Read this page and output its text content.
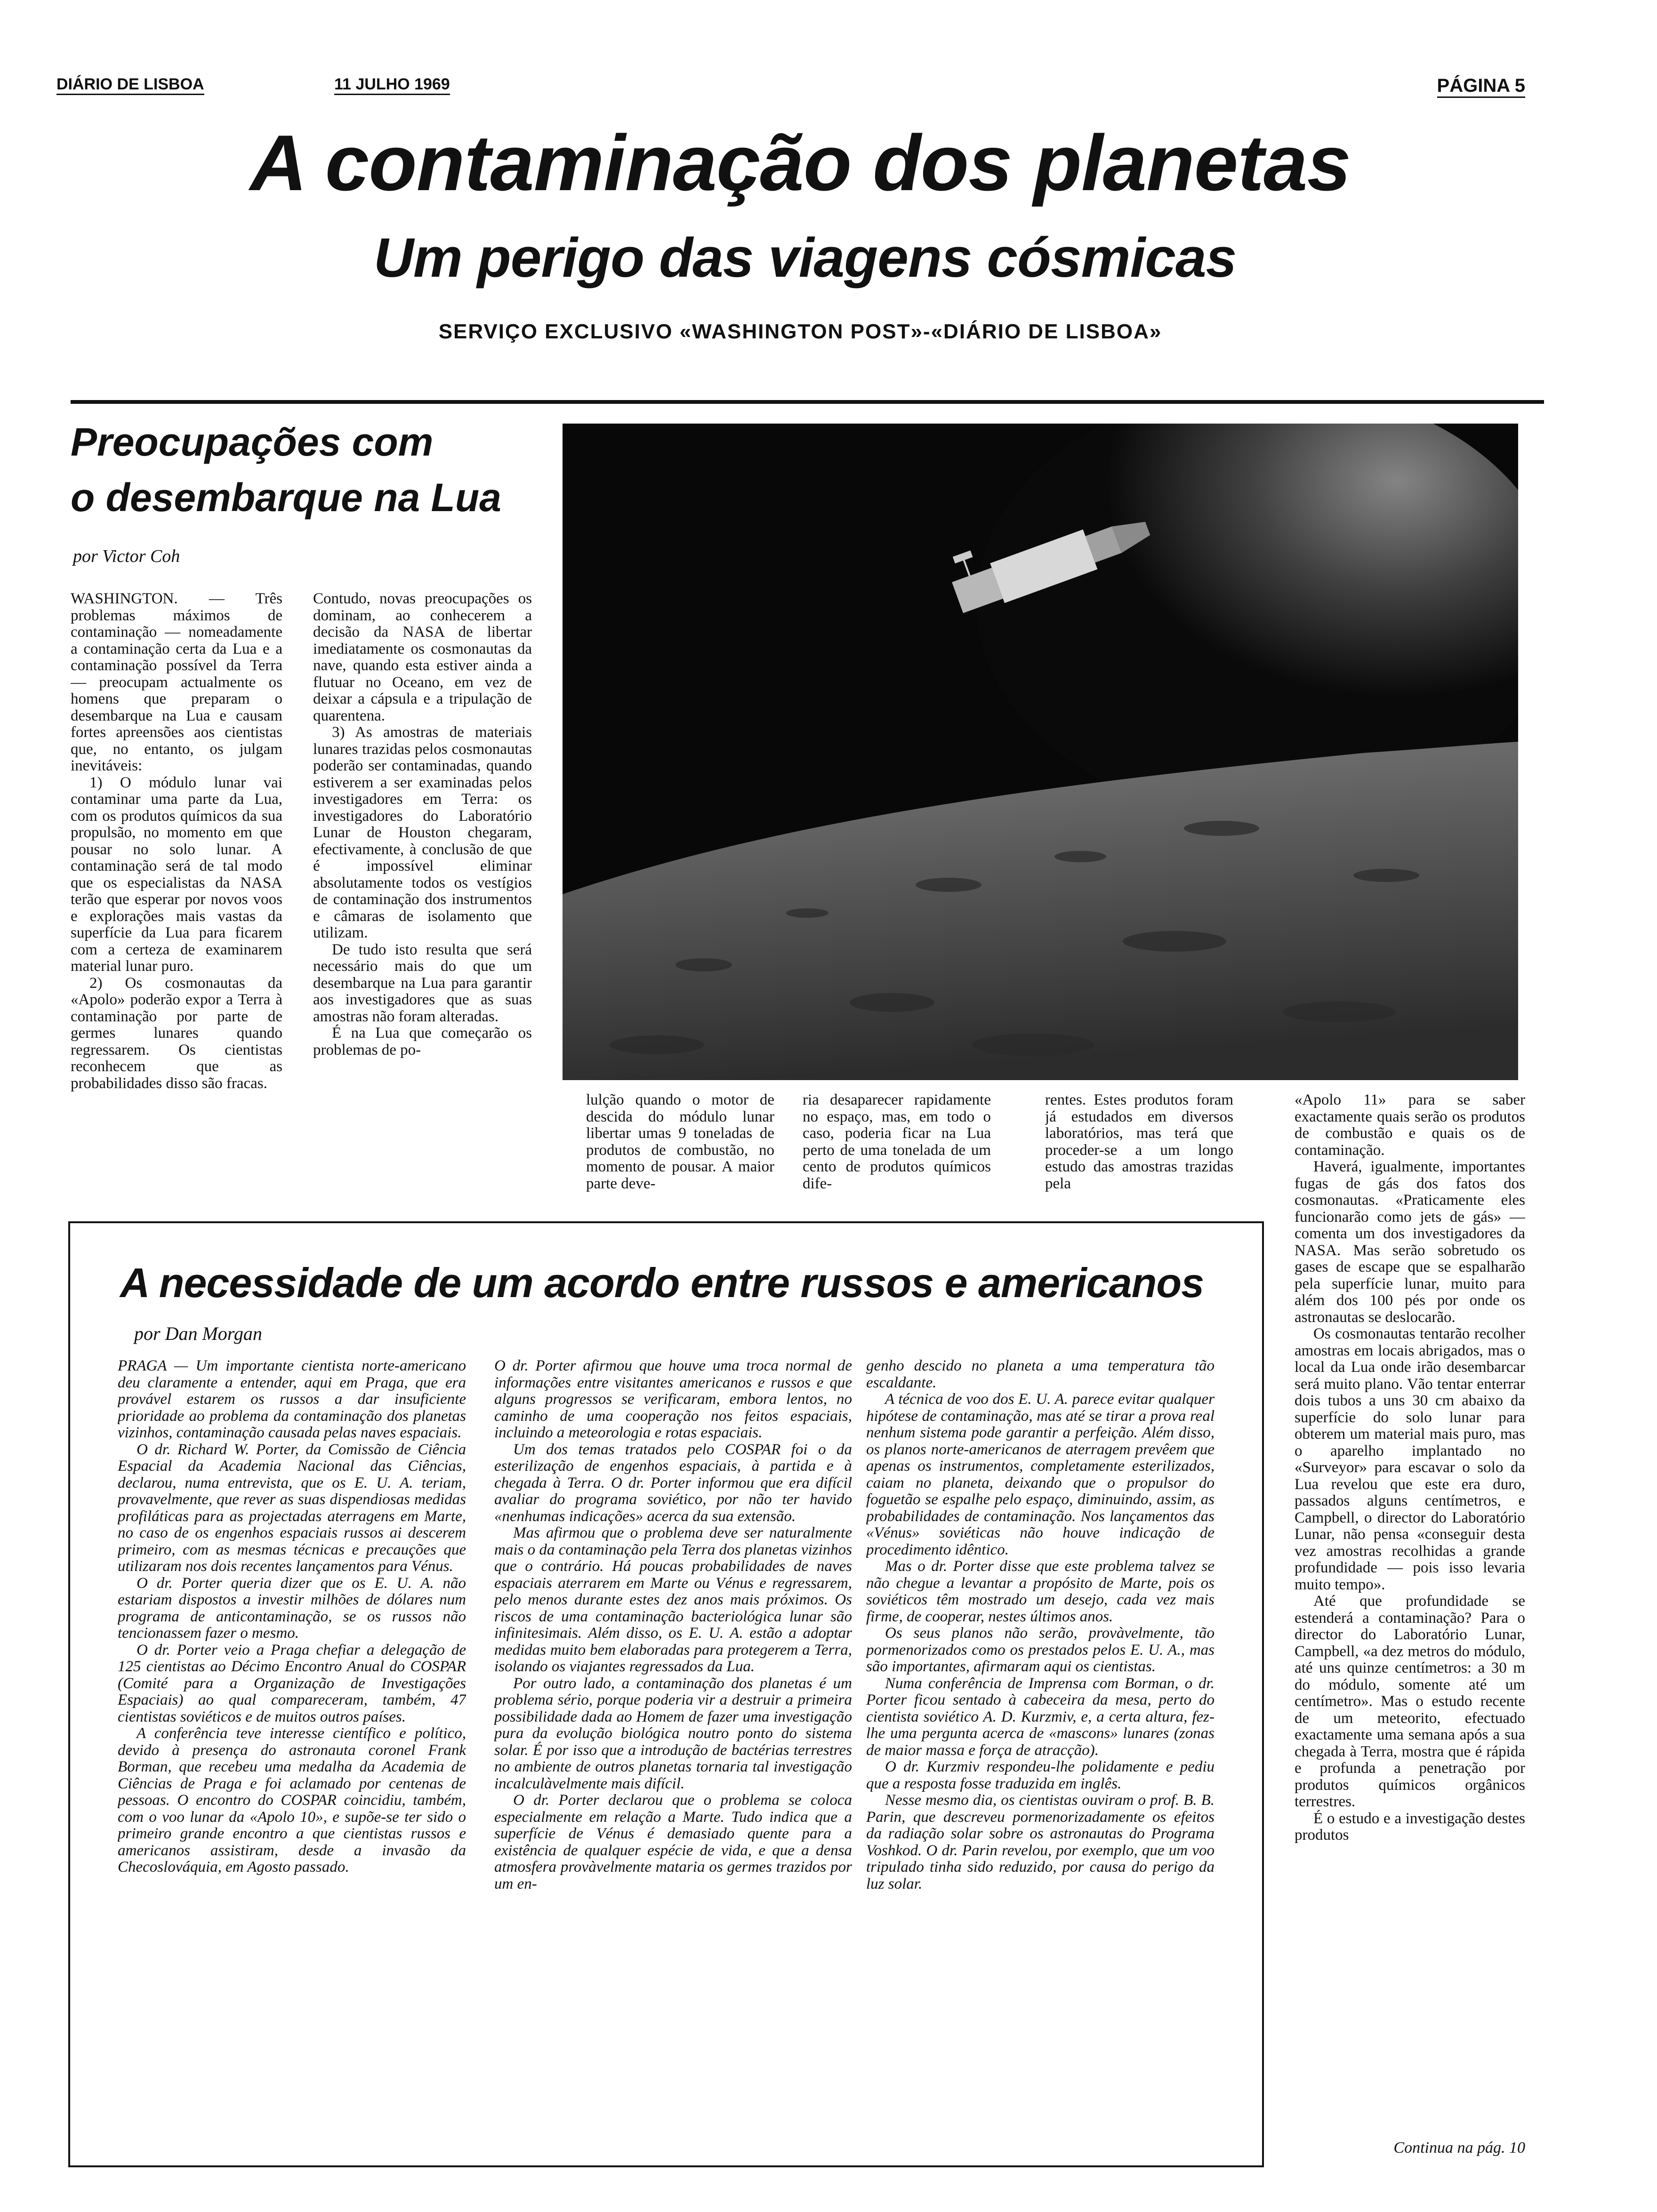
DIÁRIO DE LISBOA	11 JULHO 1969	PÁGINA 5
A contaminação dos planetas
Um perigo das viagens cósmicas
SERVIÇO EXCLUSIVO «WASHINGTON POST»-«DIÁRIO DE LISBOA»
Preocupações com
o desembarque na Lua
por Victor Coh

WASHINGTON. — Três problemas máximos de contaminação — nomeadamente a contaminação certa da Lua e a contaminação possível da Terra — preocupam actualmente os homens que preparam o desembarque na Lua e causam fortes apreensões aos cientistas que, no entanto, os julgam inevitáveis:

1) O módulo lunar vai contaminar uma parte da Lua, com os produtos químicos da sua propulsão, no momento em que pousar no solo lunar. A contaminação será de tal modo que os especialistas da NASA terão que esperar por novos voos e explorações mais vastas da superfície da Lua para ficarem com a certeza de examinarem material lunar puro.

2) Os cosmonautas da «Apolo» poderão expor a Terra à contaminação por parte de germes lunares quando regressarem. Os cientistas reconhecem que as probabilidades disso são fracas.

Contudo, novas preocupações os dominam, ao conhecerem a decisão da NASA de libertar imediatamente os cosmonautas da nave, quando esta estiver ainda a flutuar no Oceano, em vez de deixar a cápsula e a tripulação de quarentena.

3) As amostras de materiais lunares trazidas pelos cosmonautas poderão ser contaminadas, quando estiverem a ser examinadas pelos investigadores em Terra: os investigadores do Laboratório Lunar de Houston chegaram, efectivamente, à conclusão de que é impossível eliminar absolutamente todos os vestígios de contaminação dos instrumentos e câmaras de isolamento que utilizam.

De tudo isto resulta que será necessário mais do que um desembarque na Lua para garantir aos investigadores que as suas amostras não foram alteradas.

É na Lua que começarão os problemas de po-

lulção quando o motor de descida do módulo lunar libertar umas 9 toneladas de produtos de combustão, no momento de pousar. A maior parte deve-

ria desaparecer rapidamente no espaço, mas, em todo o caso, poderia ficar na Lua perto de uma tonelada de um cento de produtos químicos dife-

rentes. Estes produtos foram já estudados em diversos laboratórios, mas terá que proceder-se a um longo estudo das amostras trazidas pela

«Apolo 11» para se saber exactamente quais serão os produtos de combustão e quais os de contaminação.

Haverá, igualmente, importantes fugas de gás dos fatos dos cosmonautas. «Praticamente eles funcionarão como jets de gás» — comenta um dos investigadores da NASA. Mas serão sobretudo os gases de escape que se espalharão pela superfície lunar, muito para além dos 100 pés por onde os astronautas se deslocarão.

Os cosmonautas tentarão recolher amostras em locais abrigados, mas o local da Lua onde irão desembarcar será muito plano. Vão tentar enterrar dois tubos a uns 30 cm abaixo da superfície do solo lunar para obterem um material mais puro, mas o aparelho implantado no «Surveyor» para escavar o solo da Lua revelou que este era duro, passados alguns centímetros, e Campbell, o director do Laboratório Lunar, não pensa «conseguir desta vez amostras recolhidas a grande profundidade — pois isso levaria muito tempo».

Até que profundidade se estenderá a contaminação? Para o director do Laboratório Lunar, Campbell, «a dez metros do módulo, até uns quinze centímetros: a 30 m do módulo, somente até um centímetro». Mas o estudo recente de um meteorito, efectuado exactamente uma semana após a sua chegada à Terra, mostra que é rápida e profunda a penetração por produtos químicos orgânicos terrestres.

É o estudo e a investigação destes produtos

Continua na pág. 10
A necessidade de um acordo entre russos e americanos
por Dan Morgan

PRAGA — Um importante cientista norte-americano deu claramente a entender, aqui em Praga, que era provável estarem os russos a dar insuficiente prioridade ao problema da contaminação dos planetas vizinhos, contaminação causada pelas naves espaciais.

O dr. Richard W. Porter, da Comissão de Ciência Espacial da Academia Nacional das Ciências, declarou, numa entrevista, que os E. U. A. teriam, provavelmente, que rever as suas dispendiosas medidas profiláticas para as projectadas aterragens em Marte, no caso de os engenhos espaciais russos ai descerem primeiro, com as mesmas técnicas e precauções que utilizaram nos dois recentes lançamentos para Vénus.

O dr. Porter queria dizer que os E. U. A. não estariam dispostos a investir milhões de dólares num programa de anticontaminação, se os russos não tencionassem fazer o mesmo.

O dr. Porter veio a Praga chefiar a delegação de 125 cientistas ao Décimo Encontro Anual do COSPAR (Comité para a Organização de Investigações Espaciais) ao qual compareceram, também, 47 cientistas soviéticos e de muitos outros países.

A conferência teve interesse científico e político, devido à presença do astronauta coronel Frank Borman, que recebeu uma medalha da Academia de Ciências de Praga e foi aclamado por centenas de pessoas. O encontro do COSPAR coincidiu, também, com o voo lunar da «Apolo 10», e supõe-se ter sido o primeiro grande encontro a que cientistas russos e americanos assistiram, desde a invasão da Checoslováquia, em Agosto passado.

O dr. Porter afirmou que houve uma troca normal de informações entre visitantes americanos e russos e que alguns progressos se verificaram, embora lentos, no caminho de uma cooperação nos feitos espaciais, incluindo a meteorologia e rotas espaciais.

Um dos temas tratados pelo COSPAR foi o da esterilização de engenhos espaciais, à partida e à chegada à Terra. O dr. Porter informou que era difícil avaliar do programa soviético, por não ter havido «nenhumas indicações» acerca da sua extensão.

Mas afirmou que o problema deve ser naturalmente mais o da contaminação pela Terra dos planetas vizinhos que o contrário. Há poucas probabilidades de naves espaciais aterrarem em Marte ou Vénus e regressarem, pelo menos durante estes dez anos mais próximos. Os riscos de uma contaminação bacteriológica lunar são infinitesimais. Além disso, os E. U. A. estão a adoptar medidas muito bem elaboradas para protegerem a Terra, isolando os viajantes regressados da Lua.

Por outro lado, a contaminação dos planetas é um problema sério, porque poderia vir a destruir a primeira possibilidade dada ao Homem de fazer uma investigação pura da evolução biológica noutro ponto do sistema solar. É por isso que a introdução de bactérias terrestres no ambiente de outros planetas tornaria tal investigação incalculàvelmente mais difícil.

O dr. Porter declarou que o problema se coloca especialmente em relação a Marte. Tudo indica que a superfície de Vénus é demasiado quente para a existência de qualquer espécie de vida, e que a densa atmosfera provàvelmente mataria os germes trazidos por um en-

genho descido no planeta a uma temperatura tão escaldante.

A técnica de voo dos E. U. A. parece evitar qualquer hipótese de contaminação, mas até se tirar a prova real nenhum sistema pode garantir a perfeição. Além disso, os planos norte-americanos de aterragem prevêem que apenas os instrumentos, completamente esterilizados, caiam no planeta, deixando que o propulsor do foguetão se espalhe pelo espaço, diminuindo, assim, as probabilidades de contaminação. Nos lançamentos das «Vénus» soviéticas não houve indicação de procedimento idêntico.

Mas o dr. Porter disse que este problema talvez se não chegue a levantar a propósito de Marte, pois os soviéticos têm mostrado um desejo, cada vez mais firme, de cooperar, nestes últimos anos.

Os seus planos não serão, provàvelmente, tão pormenorizados como os prestados pelos E. U. A., mas são importantes, afirmaram aqui os cientistas.

Numa conferência de Imprensa com Borman, o dr. Porter ficou sentado à cabeceira da mesa, perto do cientista soviético A. D. Kurzmiv, e, a certa altura, fez-lhe uma pergunta acerca de «mascons» lunares (zonas de maior massa e força de atracção).

O dr. Kurzmiv respondeu-lhe polidamente e pediu que a resposta fosse traduzida em inglês.

Nesse mesmo dia, os cientistas ouviram o prof. B. B. Parin, que descreveu pormenorizadamente os efeitos da radiação solar sobre os astronautas do Programa Voshkod. O dr. Parin revelou, por exemplo, que um voo tripulado tinha sido reduzido, por causa do perigo da luz solar.
